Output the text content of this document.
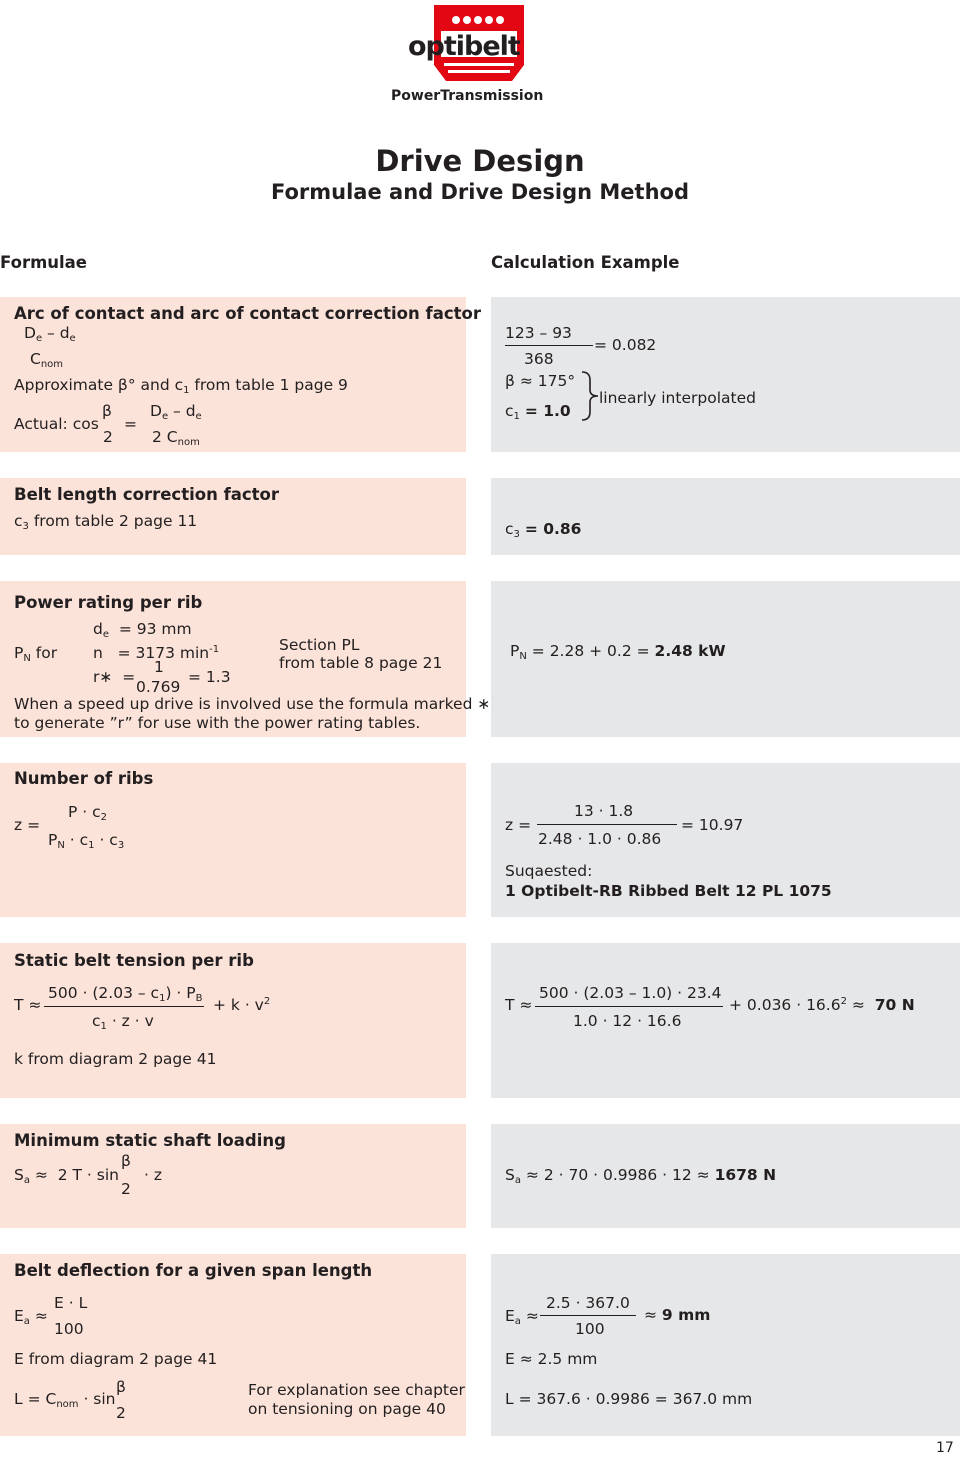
optibelt
PowerTransmission
Drive Design
Formulae and Drive Design Method
Formulae	Calculation Example
Arc of contact and arc of contact correction factor
$D_e - d_e$
$C_{nom}$
Approximate β° and $c_1$ from table 1 page 9
β
Actual: cos
2
=
$D_e - d_e$
2 $C_{nom}$
123 – 93
368
= 0.082
β ≈ 175°
$c_1 = 1.0$
linearly interpolated
Belt length correction factor
$c_3$ from table 2 page 11	$c_3 = 0.86$
Power rating per rib
$d_e = 93$ mm
$P_N$ for n   = 3173 $\min^{-1}$	Section PL
from table 8 page 21
r∗  =
1
0.769
= 1.3
When a speed up drive is involved use the formula marked ∗
to generate ”r” for use with the power rating tables.
$P_N = 2.28 + 0.2 = 2.48$ kW
Number of ribs
z =
$P \cdot c_2$
$P_N \cdot c_1 \cdot c_3$
z =
13 · 1.8
2.48 · 1.0 · 0.86
= 10.97
Suqaested:
1 Optibelt-RB Ribbed Belt 12 PL 1075
Static belt tension per rib
T ≈
$500 \cdot (2.03 - c_1) \cdot P_B$
$c_1 \cdot z \cdot v$
+ $k \cdot v^2$
k from diagram 2 page 41
T ≈
500 · (2.03 – 1.0) · 23.4
1.0 · 12 · 16.6
+ $0.036 \cdot 16.6^2 \approx 70$ N
Minimum static shaft loading
$S_a \approx 2$ T · sin
β
2
· z	$S_a \approx 2 \cdot 70 \cdot 0.9986 \cdot 12 \approx 1678$ N
Belt deflection for a given span length
$E_a$ ≈
E · L
100
E from diagram 2 page 41
$L = C_{nom} \cdot \sin$
β
2
For explanation see chapter
on tensioning on page 40
$E_a$ ≈
2.5 · 367.0
100
≈ 9 mm
E ≈ 2.5 mm
L = 367.6 · 0.9986 = 367.0 mm
17
